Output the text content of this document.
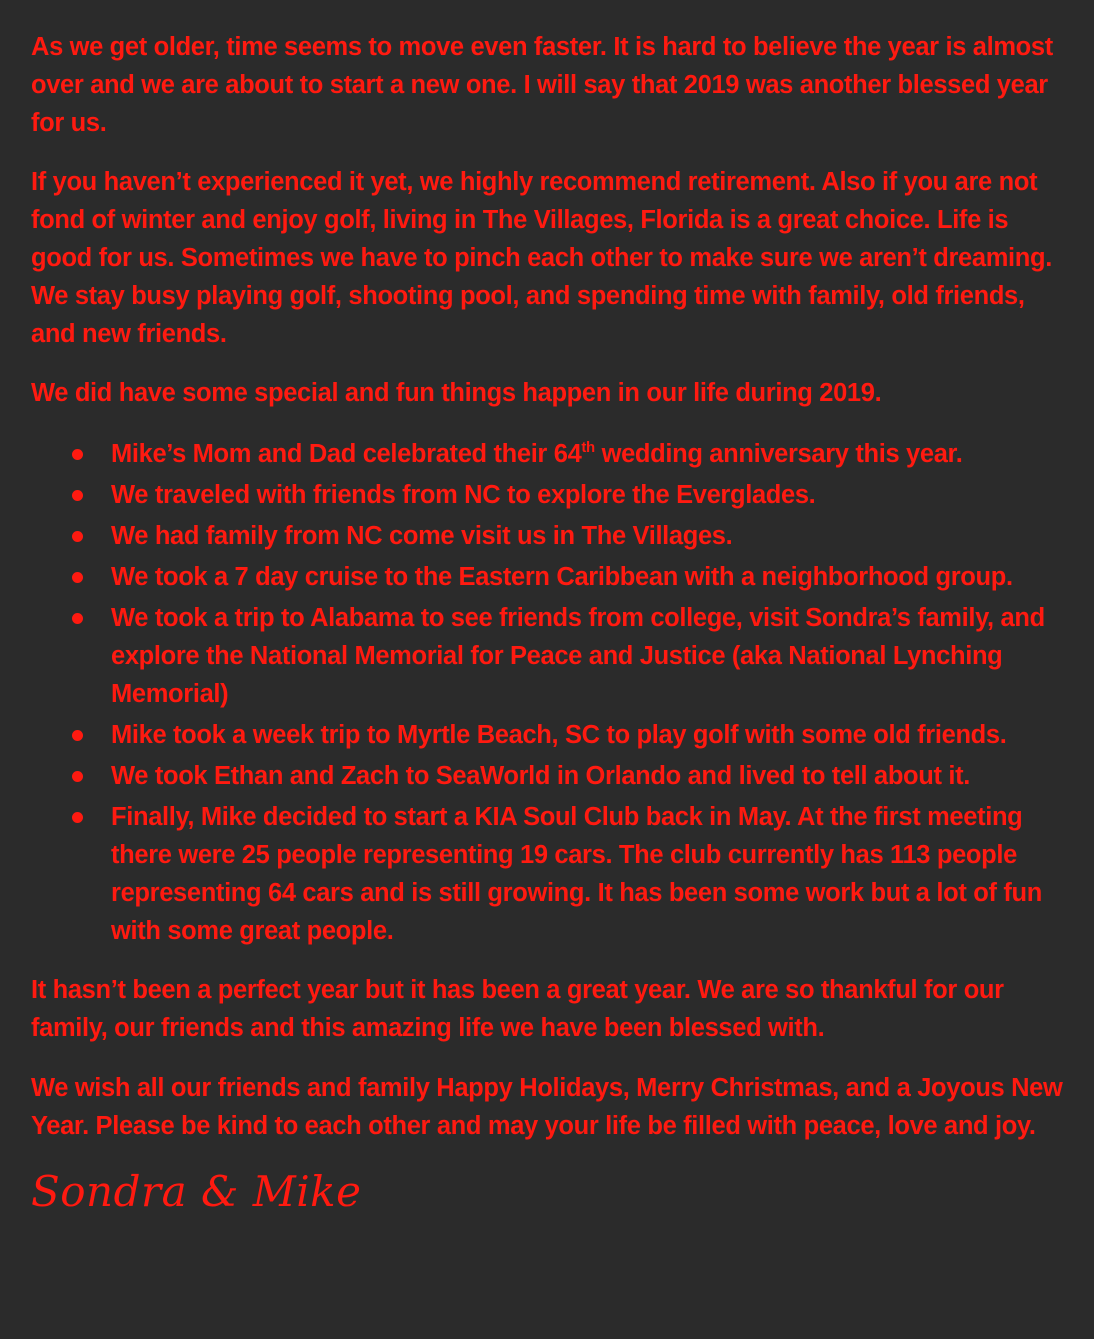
As we get older, time seems to move even faster. It is hard to believe the year is almost over and we are about to start a new one. I will say that 2019 was another blessed year for us.

If you haven’t experienced it yet, we highly recommend retirement. Also if you are not fond of winter and enjoy golf, living in The Villages, Florida is a great choice. Life is good for us. Sometimes we have to pinch each other to make sure we aren’t dreaming. We stay busy playing golf, shooting pool, and spending time with family, old friends, and new friends.

We did have some special and fun things happen in our life during 2019.

Mike’s Mom and Dad celebrated their 64th wedding anniversary this year.
We traveled with friends from NC to explore the Everglades.
We had family from NC come visit us in The Villages.
We took a 7 day cruise to the Eastern Caribbean with a neighborhood group.
We took a trip to Alabama to see friends from college, visit Sondra’s family, and explore the National Memorial for Peace and Justice (aka National Lynching Memorial)
Mike took a week trip to Myrtle Beach, SC to play golf with some old friends.
We took Ethan and Zach to SeaWorld in Orlando and lived to tell about it.
Finally, Mike decided to start a KIA Soul Club back in May. At the first meeting there were 25 people representing 19 cars. The club currently has 113 people representing 64 cars and is still growing. It has been some work but a lot of fun with some great people.

It hasn’t been a perfect year but it has been a great year. We are so thankful for our family, our friends and this amazing life we have been blessed with.

We wish all our friends and family Happy Holidays, Merry Christmas, and a Joyous New Year. Please be kind to each other and may your life be filled with peace, love and joy.

Sondra & Mike
